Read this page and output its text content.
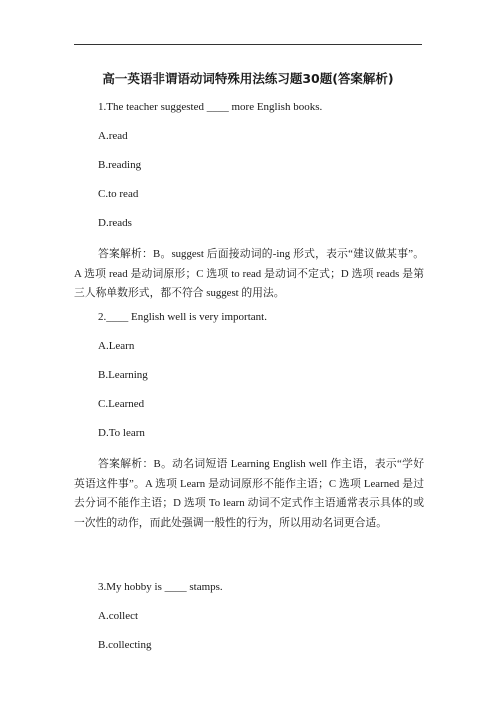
高一英语非谓语动词特殊用法练习题30题(答案解析)
1.The teacher suggested ____ more English books.
A.read
B.reading
C.to read
D.reads
答案解析：B。suggest 后面接动词的-ing 形式，表示“建议做某事”。A 选项 read 是动词原形；C 选项 to read 是动词不定式；D 选项 reads 是第三人称单数形式，都不符合 suggest 的用法。
2.____ English well is very important.
A.Learn
B.Learning
C.Learned
D.To learn
答案解析：B。动名词短语 Learning English well 作主语，表示“学好英语这件事”。A 选项 Learn 是动词原形不能作主语；C 选项 Learned 是过去分词不能作主语；D 选项 To learn 动词不定式作主语通常表示具体的或一次性的动作，而此处强调一般性的行为，所以用动名词更合适。
3.My hobby is ____ stamps.
A.collect
B.collecting
